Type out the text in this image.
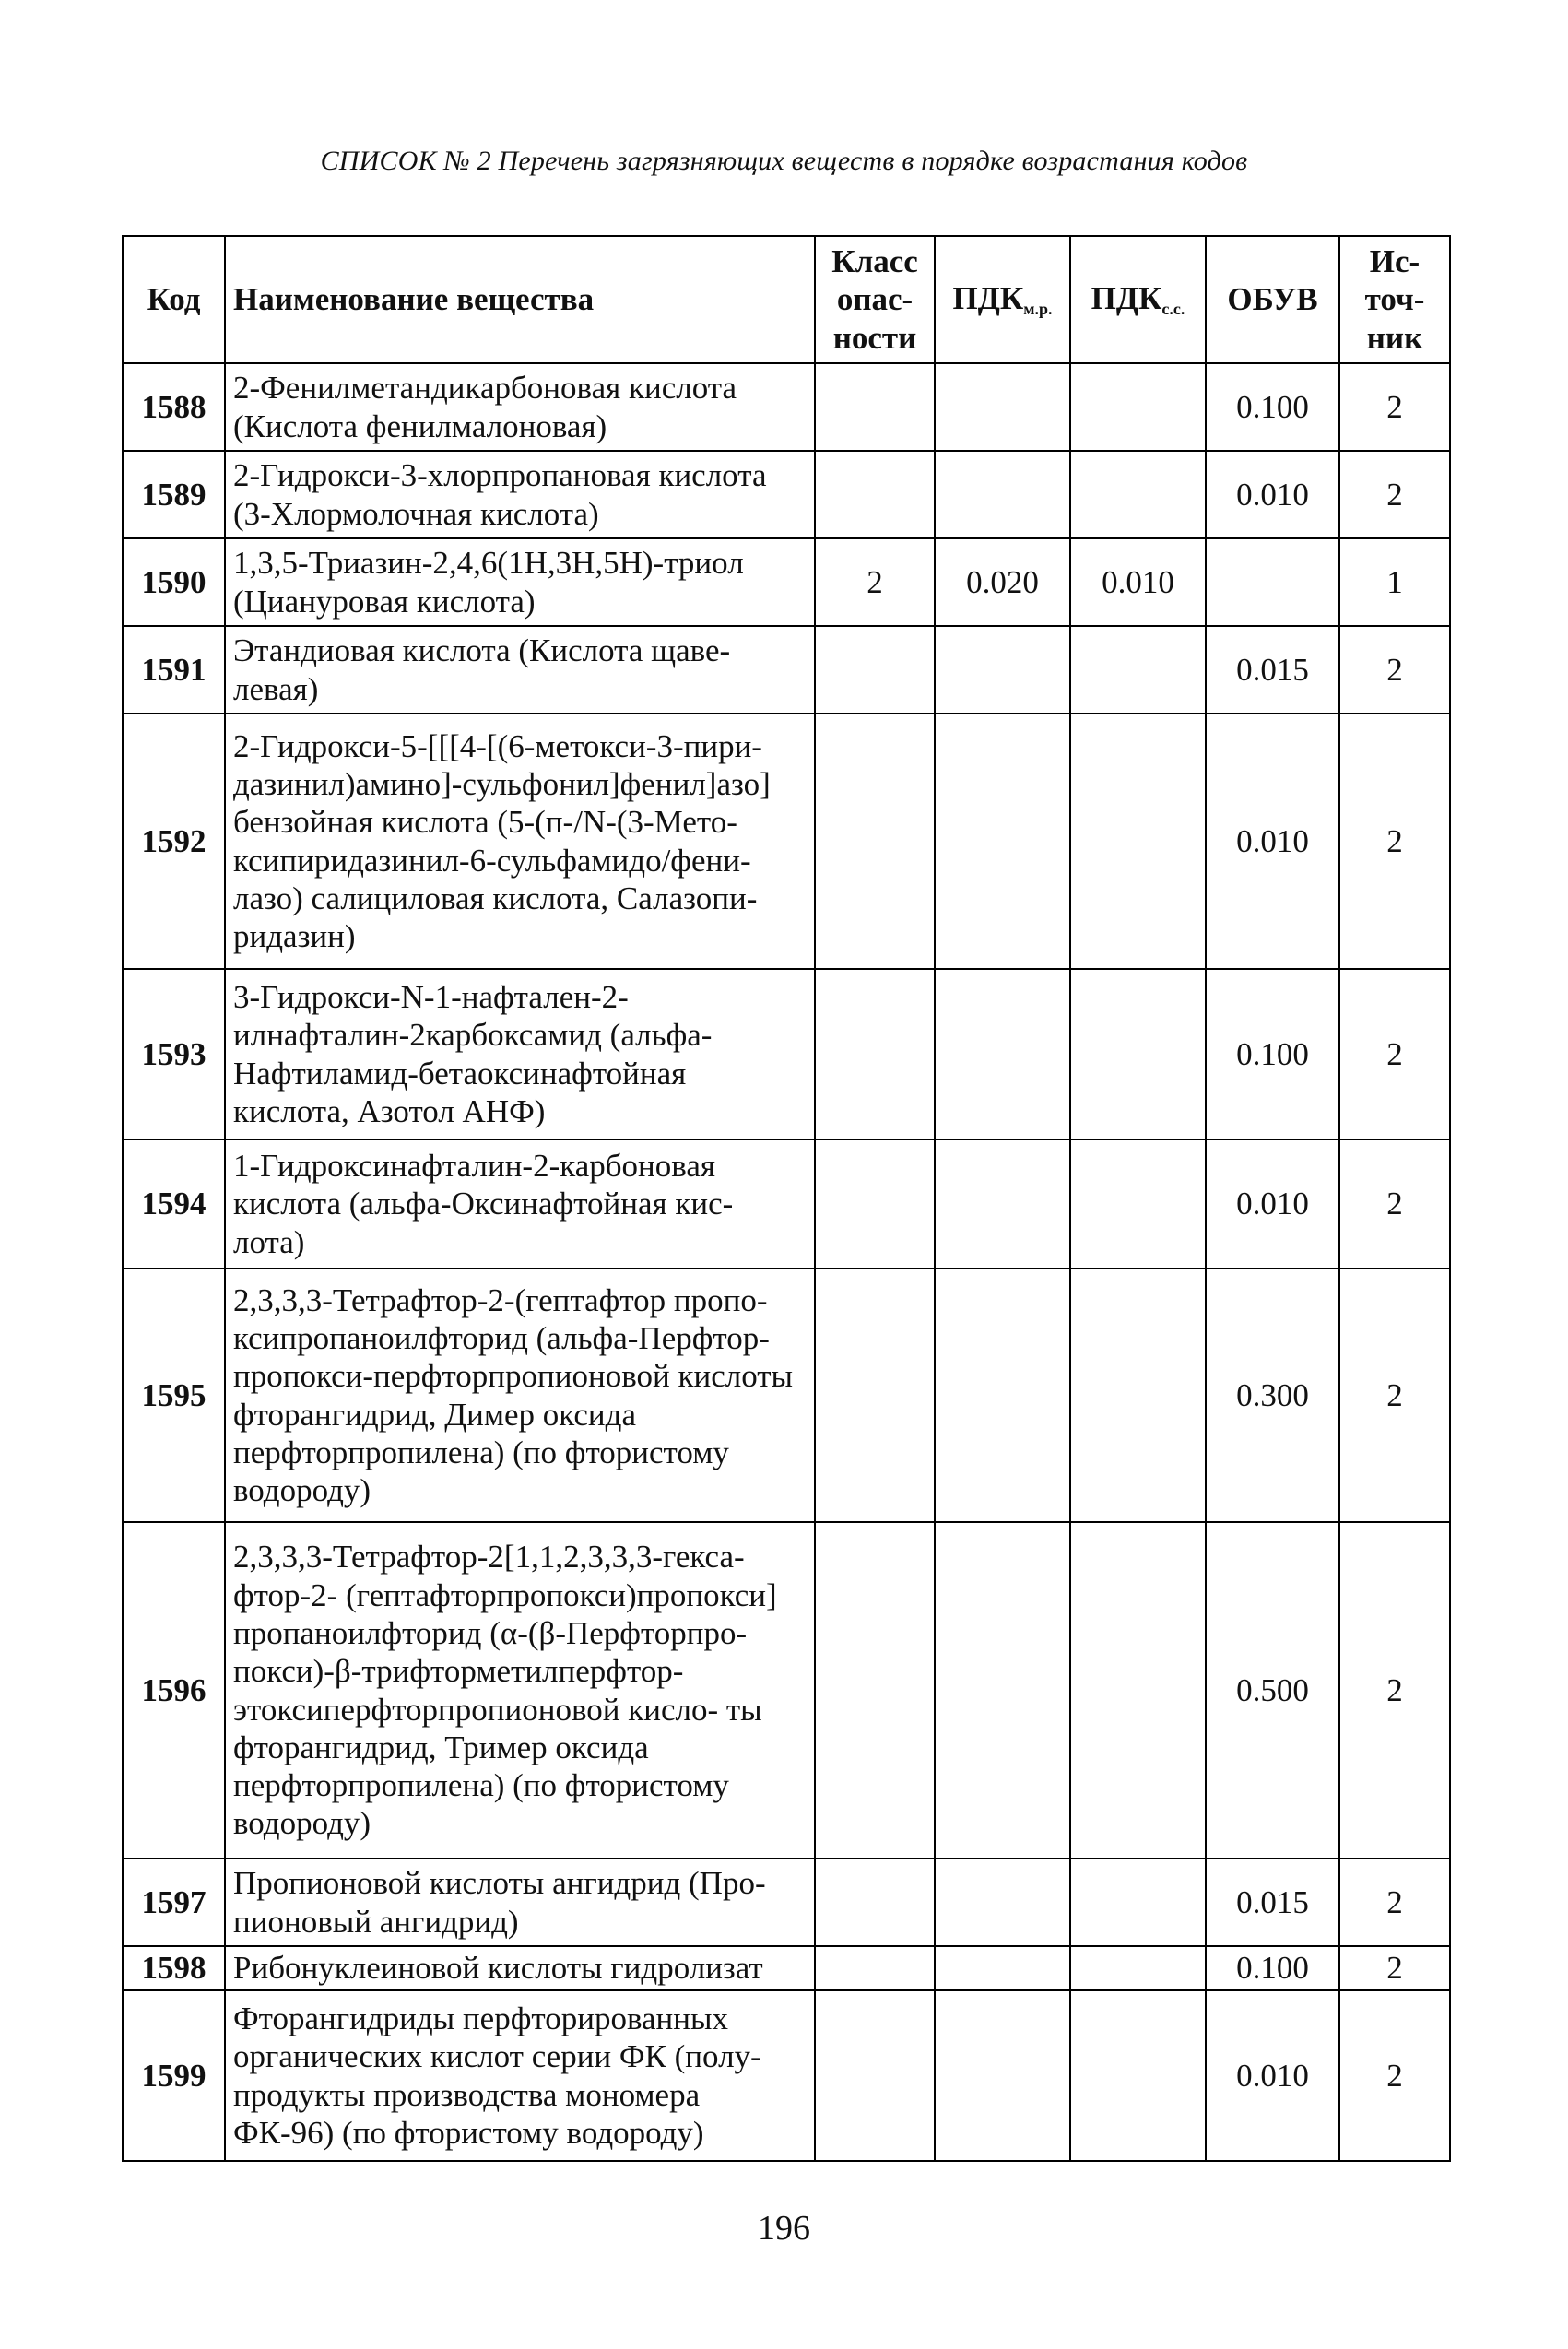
СПИСОК № 2 Перечень загрязняющих веществ в порядке возрастания кодов
Код	Наименование вещества	Класс опас- ности	$ПДК_{м.р.}$	$ПДК_{с.с.}$	ОБУВ	Ис- точ- ник
1588	2-Фенилметандикарбоновая кислота (Кислота фенилмалоновая)				0.100	2
1589	2-Гидрокси-3-хлорпропановая кислота (3-Хлормолочная кислота)				0.010	2
1590	1,3,5-Триазин-2,4,6(1Н,3Н,5Н)-триол (Циануровая кислота)	2	0.020	0.010		1
1591	Этандиовая кислота (Кислота щаве- левая)				0.015	2
1592	2-Гидрокси-5-[[[4-[(6-метокси-3-пири- дазинил)амино]-сульфонил]фенил]азо] бензойная кислота (5-(п-/N-(3-Мето- ксипиридазинил-6-сульфамидо/фени- лазо) салициловая кислота, Салазопи- ридазин)				0.010	2
1593	3-Гидрокси-N-1-нафтален-2- илнафталин-2карбоксамид (альфа- Нафтиламид-бетаоксинафтойная кислота, Азотол АНФ)				0.100	2
1594	1-Гидроксинафталин-2-карбоновая кислота (альфа-Оксинафтойная кис- лота)				0.010	2
1595	2,3,3,3-Тетрафтор-2-(гептафтор пропо- ксипропаноилфторид (альфа-Перфтор- пропокси-перфторпропионовой кислоты фторангидрид, Димер оксида перфторпропилена) (по фтористому водороду)				0.300	2
1596	2,3,3,3-Тетрафтор-2[1,1,2,3,3,3-гекса- фтор-2- (гептафторпропокси)пропокси] пропаноилфторид (α-(β-Перфторпро- покси)-β-трифторметилперфтор- этоксиперфторпропионовой кисло- ты фторангидрид, Тример оксида перфторпропилена) (по фтористому водороду)				0.500	2
1597	Пропионовой кислоты ангидрид (Про- пионовый ангидрид)				0.015	2
1598	Рибонуклеиновой кислоты гидролизат				0.100	2
1599	Фторангидриды перфторированных органических кислот серии ФК (полу- продукты производства мономера ФК-96) (по фтористому водороду)				0.010	2
196
